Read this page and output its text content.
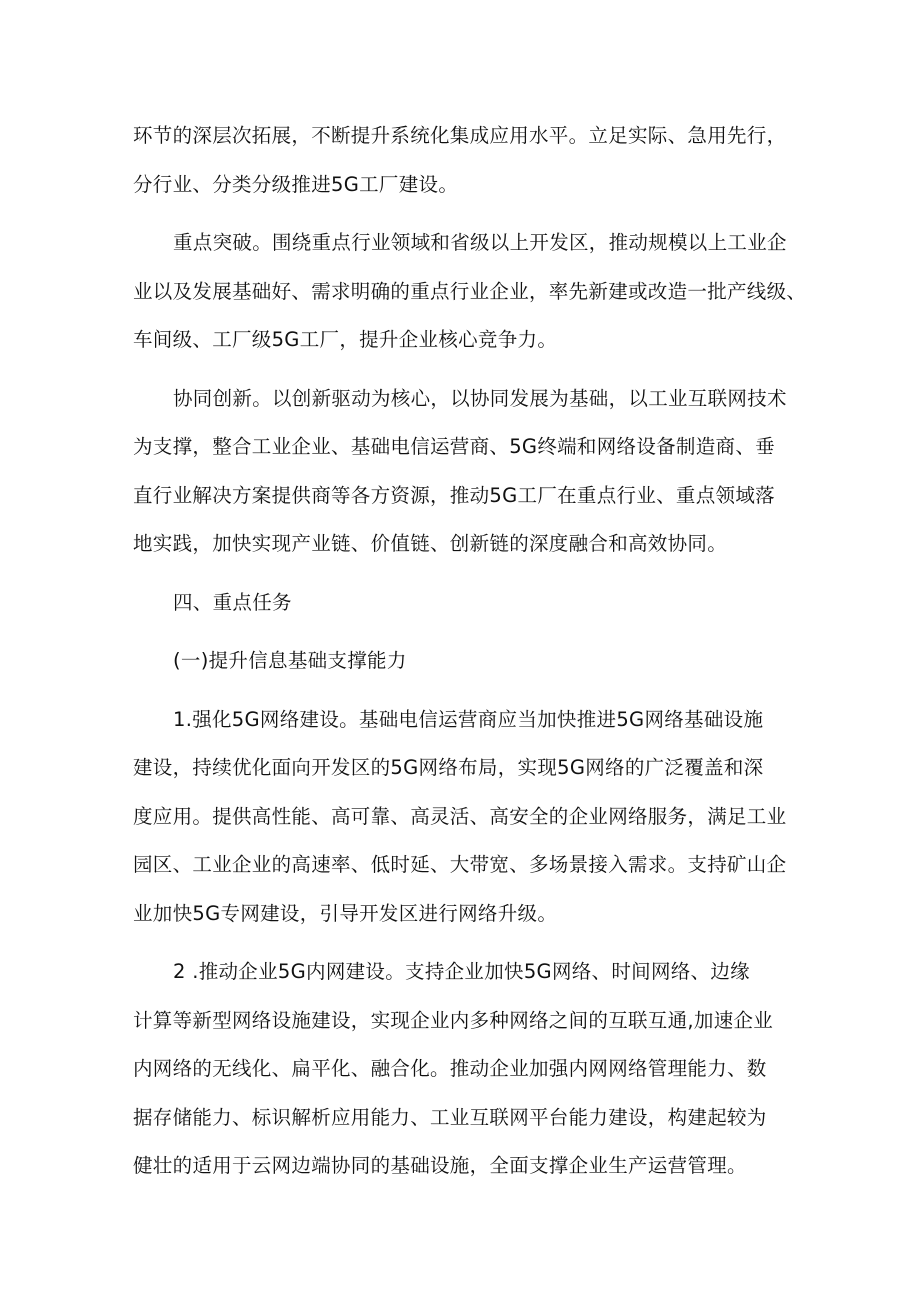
环节的深层次拓展，不断提升系统化集成应用水平。立足实际、急用先行，
分行业、分类分级推进5G工厂建设。

重点突破。围绕重点行业领域和省级以上开发区，推动规模以上工业企
业以及发展基础好、需求明确的重点行业企业，率先新建或改造一批产线级、
车间级、工厂级5G工厂，提升企业核心竞争力。

协同创新。以创新驱动为核心，以协同发展为基础，以工业互联网技术
为支撑，整合工业企业、基础电信运营商、5G终端和网络设备制造商、垂
直行业解决方案提供商等各方资源，推动5G工厂在重点行业、重点领域落
地实践，加快实现产业链、价值链、创新链的深度融合和高效协同。

四、重点任务

(一)提升信息基础支撑能力

1.强化5G网络建设。基础电信运营商应当加快推进5G网络基础设施
建设，持续优化面向开发区的5G网络布局，实现5G网络的广泛覆盖和深
度应用。提供高性能、高可靠、高灵活、高安全的企业网络服务，满足工业
园区、工业企业的高速率、低时延、大带宽、多场景接入需求。支持矿山企
业加快5G专网建设，引导开发区进行网络升级。

2 .推动企业5G内网建设。支持企业加快5G网络、时间网络、边缘
计算等新型网络设施建设，实现企业内多种网络之间的互联互通,加速企业
内网络的无线化、扁平化、融合化。推动企业加强内网网络管理能力、数
据存储能力、标识解析应用能力、工业互联网平台能力建设，构建起较为
健壮的适用于云网边端协同的基础设施，全面支撑企业生产运营管理。
